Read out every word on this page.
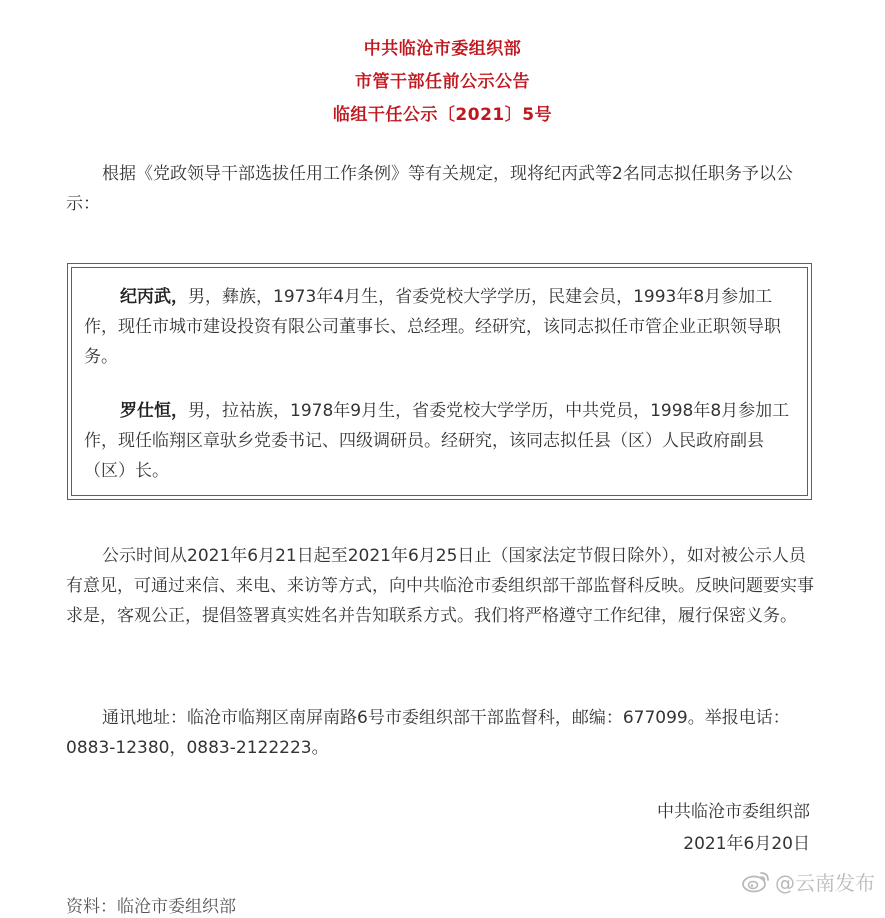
中共临沧市委组织部
市管干部任前公示公告
临组干任公示〔2021〕5号

根据《党政领导干部选拔任用工作条例》等有关规定，现将纪丙武等2名同志拟任职务予以公示：

纪丙武，男，彝族，1973年4月生，省委党校大学学历，民建会员，1993年8月参加工作，现任市城市建设投资有限公司董事长、总经理。经研究，该同志拟任市管企业正职领导职务。

罗仕恒，男，拉祜族，1978年9月生，省委党校大学学历，中共党员，1998年8月参加工作，现任临翔区章驮乡党委书记、四级调研员。经研究，该同志拟任县（区）人民政府副县（区）长。

公示时间从2021年6月21日起至2021年6月25日止（国家法定节假日除外），如对被公示人员有意见，可通过来信、来电、来访等方式，向中共临沧市委组织部干部监督科反映。反映问题要实事求是，客观公正，提倡签署真实姓名并告知联系方式。我们将严格遵守工作纪律，履行保密义务。

通讯地址：临沧市临翔区南屏南路6号市委组织部干部监督科，邮编：677099。举报电话：0883-12380，0883-2122223。

中共临沧市委组织部
2021年6月20日
资料：临沧市委组织部
@云南发布
